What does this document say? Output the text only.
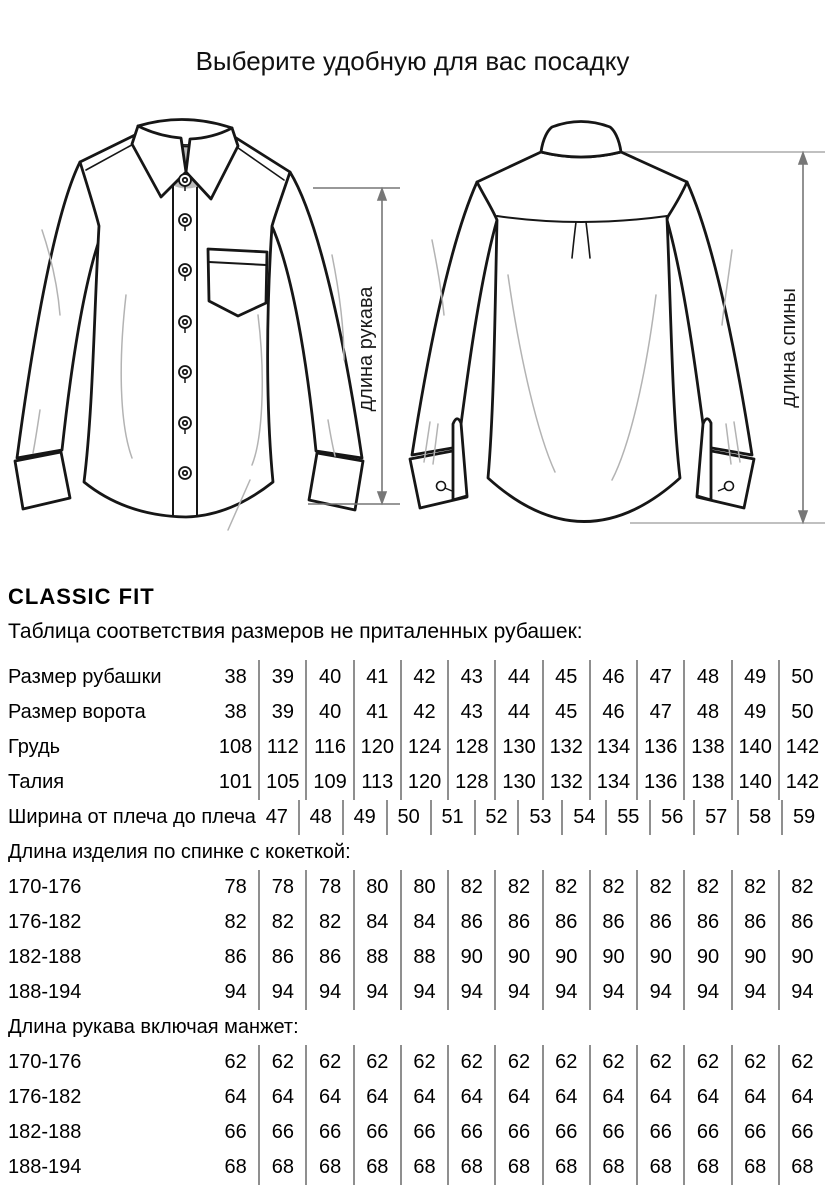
Выберите удобную для вас посадку
длина рукава	длина спины
CLASSIC FIT
Таблица соответствия размеров не приталенных рубашек:
Размер рубашки	38	39	40	41	42	43	44	45	46	47	48	49	50
Размер ворота	38	39	40	41	42	43	44	45	46	47	48	49	50
Грудь	108 112 116 120 124 128 130 132 134 136 138 140 142
Талия	101 105 109 113 120 128 130 132 134 136 138 140 142
Ширина от плеча до плеча 47	48	49	50	51	52	53	54	55	56	57	58	59
Длина изделия по спинке с кокеткой:
170-176	78	78	78	80	80	82	82	82	82	82	82	82	82
176-182	82	82	82	84	84	86	86	86	86	86	86	86	86
182-188	86	86	86	88	88	90	90	90	90	90	90	90	90
188-194	94	94	94	94	94	94	94	94	94	94	94	94	94
Длина рукава включая манжет:
170-176	62	62	62	62	62	62	62	62	62	62	62	62	62
176-182	64	64	64	64	64	64	64	64	64	64	64	64	64
182-188	66	66	66	66	66	66	66	66	66	66	66	66	66
188-194	68	68	68	68	68	68	68	68	68	68	68	68	68
